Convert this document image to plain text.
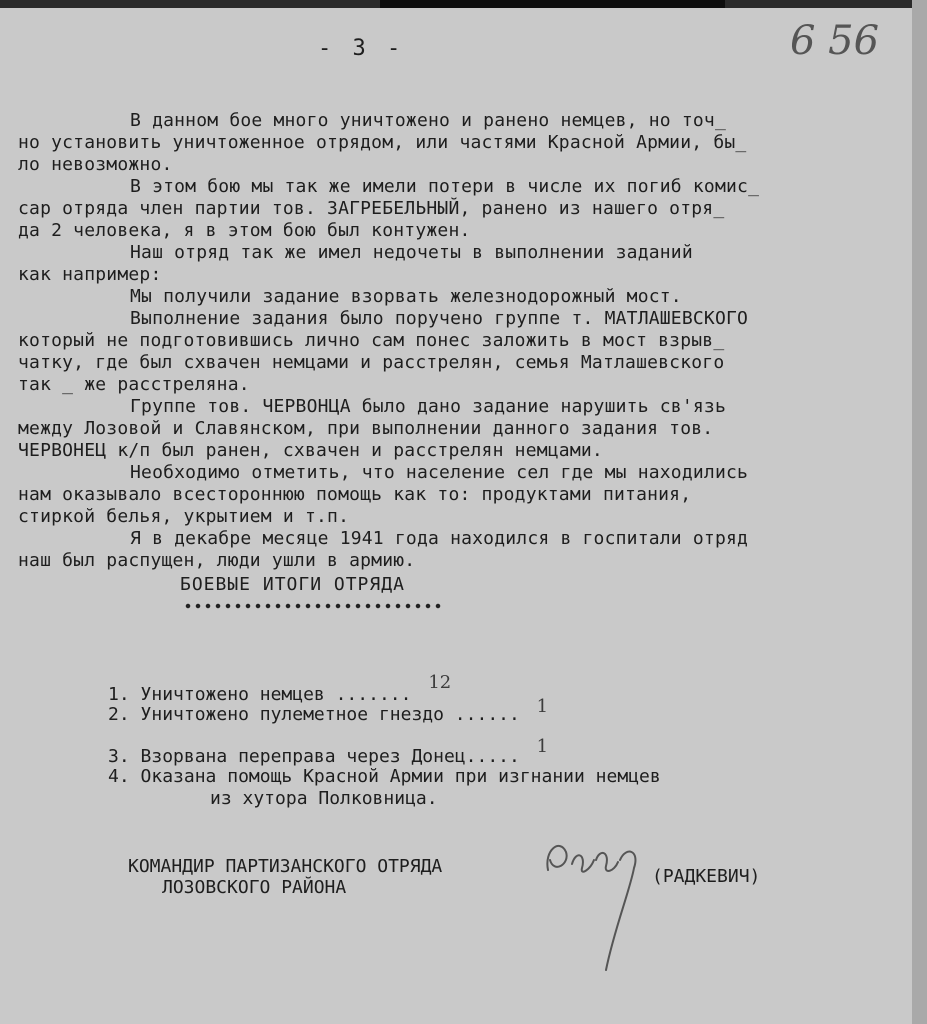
- 3 -	6 56
В данном бое много уничтожено и ранено немцев, но точ_
но установить уничтоженное отрядом, или частями Красной Армии, бы_
ло невозможно.
В этом бою мы так же имели потери в числе их погиб комис_
сар отряда член партии тов. ЗАГРЕБЕЛЬНЫЙ, ранено из нашего отря_
да 2 человека, я в этом бою был контужен.
Наш отряд так же имел недочеты в выполнении заданий
как например:
Мы получили задание взорвать железнодорожный мост.
Выполнение задания было поручено группе т. МАТЛАШЕВСКОГО
который не подготовившись лично сам понес заложить в мост взрыв_
чатку, где был схвачен немцами и расстрелян, семья Матлашевского
так _ же расстреляна.
Группе тов. ЧЕРВОНЦА было дано задание нарушить св'язь
между Лозовой и Славянском, при выполнении данного задания тов.
ЧЕРВОНЕЦ к/п был ранен, схвачен и расстрелян немцами.
Необходимо отметить, что население сел где мы находились
нам оказывало всестороннюю помощь как то: продуктами питания,
стиркой белья, укрытием и т.п.
Я в декабре месяце 1941 года находился в госпитали отряд
наш был распущен, люди ушли в армию.
БОЕВЫЕ ИТОГИ ОТРЯДА
1. Уничтожено немцев ....... 12
2. Уничтожено пулеметное гнездо ...... 1
3. Взорвана переправа через Донец..... 1
4. Оказана помощь Красной Армии при изгнании немцев
из хутора Полковница.
КОМАНДИР ПАРТИЗАНСКОГО ОТРЯДА
ЛОЗОВСКОГО РАЙОНА
(РАДКЕВИЧ)
